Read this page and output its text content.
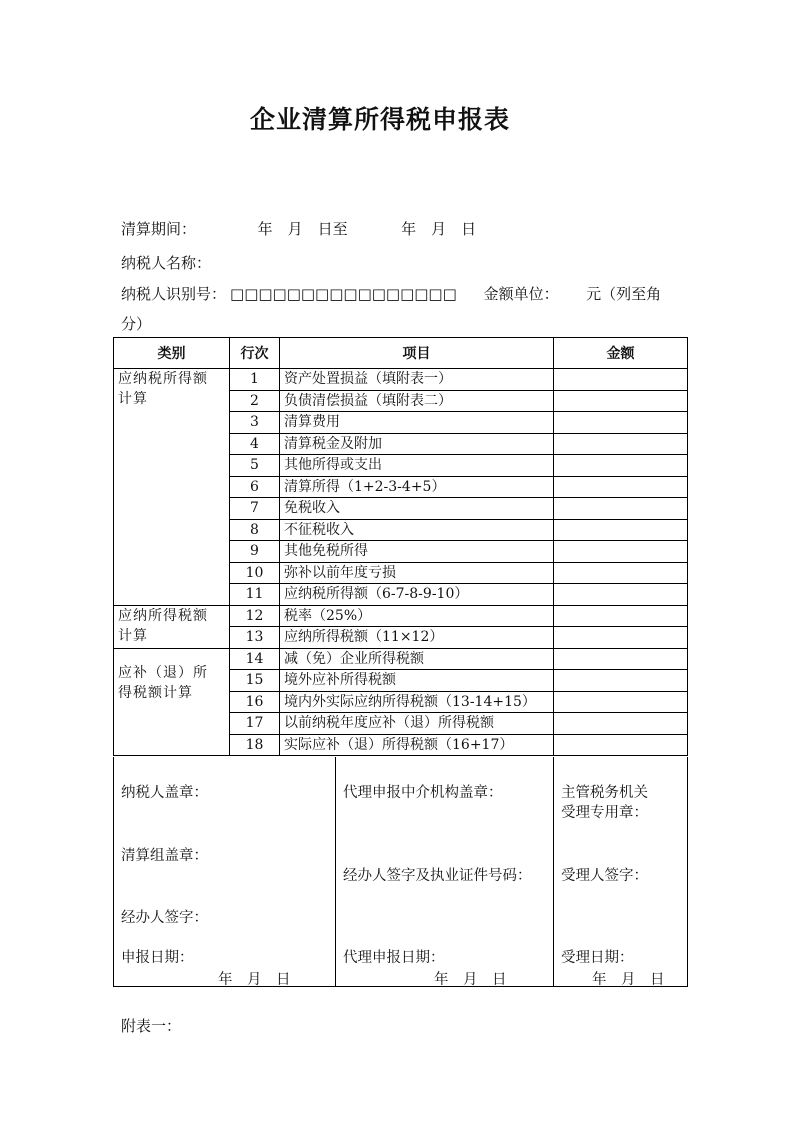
企业清算所得税申报表
清算期间：	年　月　日至	年　月　日
纳税人名称：
纳税人识别号： □□□□□□□□□□□□□□□□ 金额单位： 元（列至角
分）
类别	行次	项目	金额

应纳税所得额
计算	1	资产处置损益（填附表一）	
	2	负债清偿损益（填附表二）	
	3	清算费用	
	4	清算税金及附加	
	5	其他所得或支出	
	6	清算所得（1+2-3-4+5）	
	7	免税收入	
	8	不征税收入	
	9	其他免税所得	
	10	弥补以前年度亏损	
	11	应纳税所得额（6-7-8-9-10）	

应纳所得税额
计算	12	税率（25%）	
	13	应纳所得税额（11×12）	

应补（退）所
得税额计算	14	减（免）企业所得税额	
	15	境外应补所得税额	
	16	境内外实际应纳所得税额（13-14+15）	
	17	以前纳税年度应补（退）所得税额	
	18	实际应补（退）所得税额（16+17）	
纳税人盖章：
清算组盖章：
经办人签字：
申报日期：
年　月　日

代理申报中介机构盖章：
经办人签字及执业证件号码：
代理申报日期：
年　月　日

主管税务机关
受理专用章：
受理人签字：
受理日期：
年　月　日
附表一：
